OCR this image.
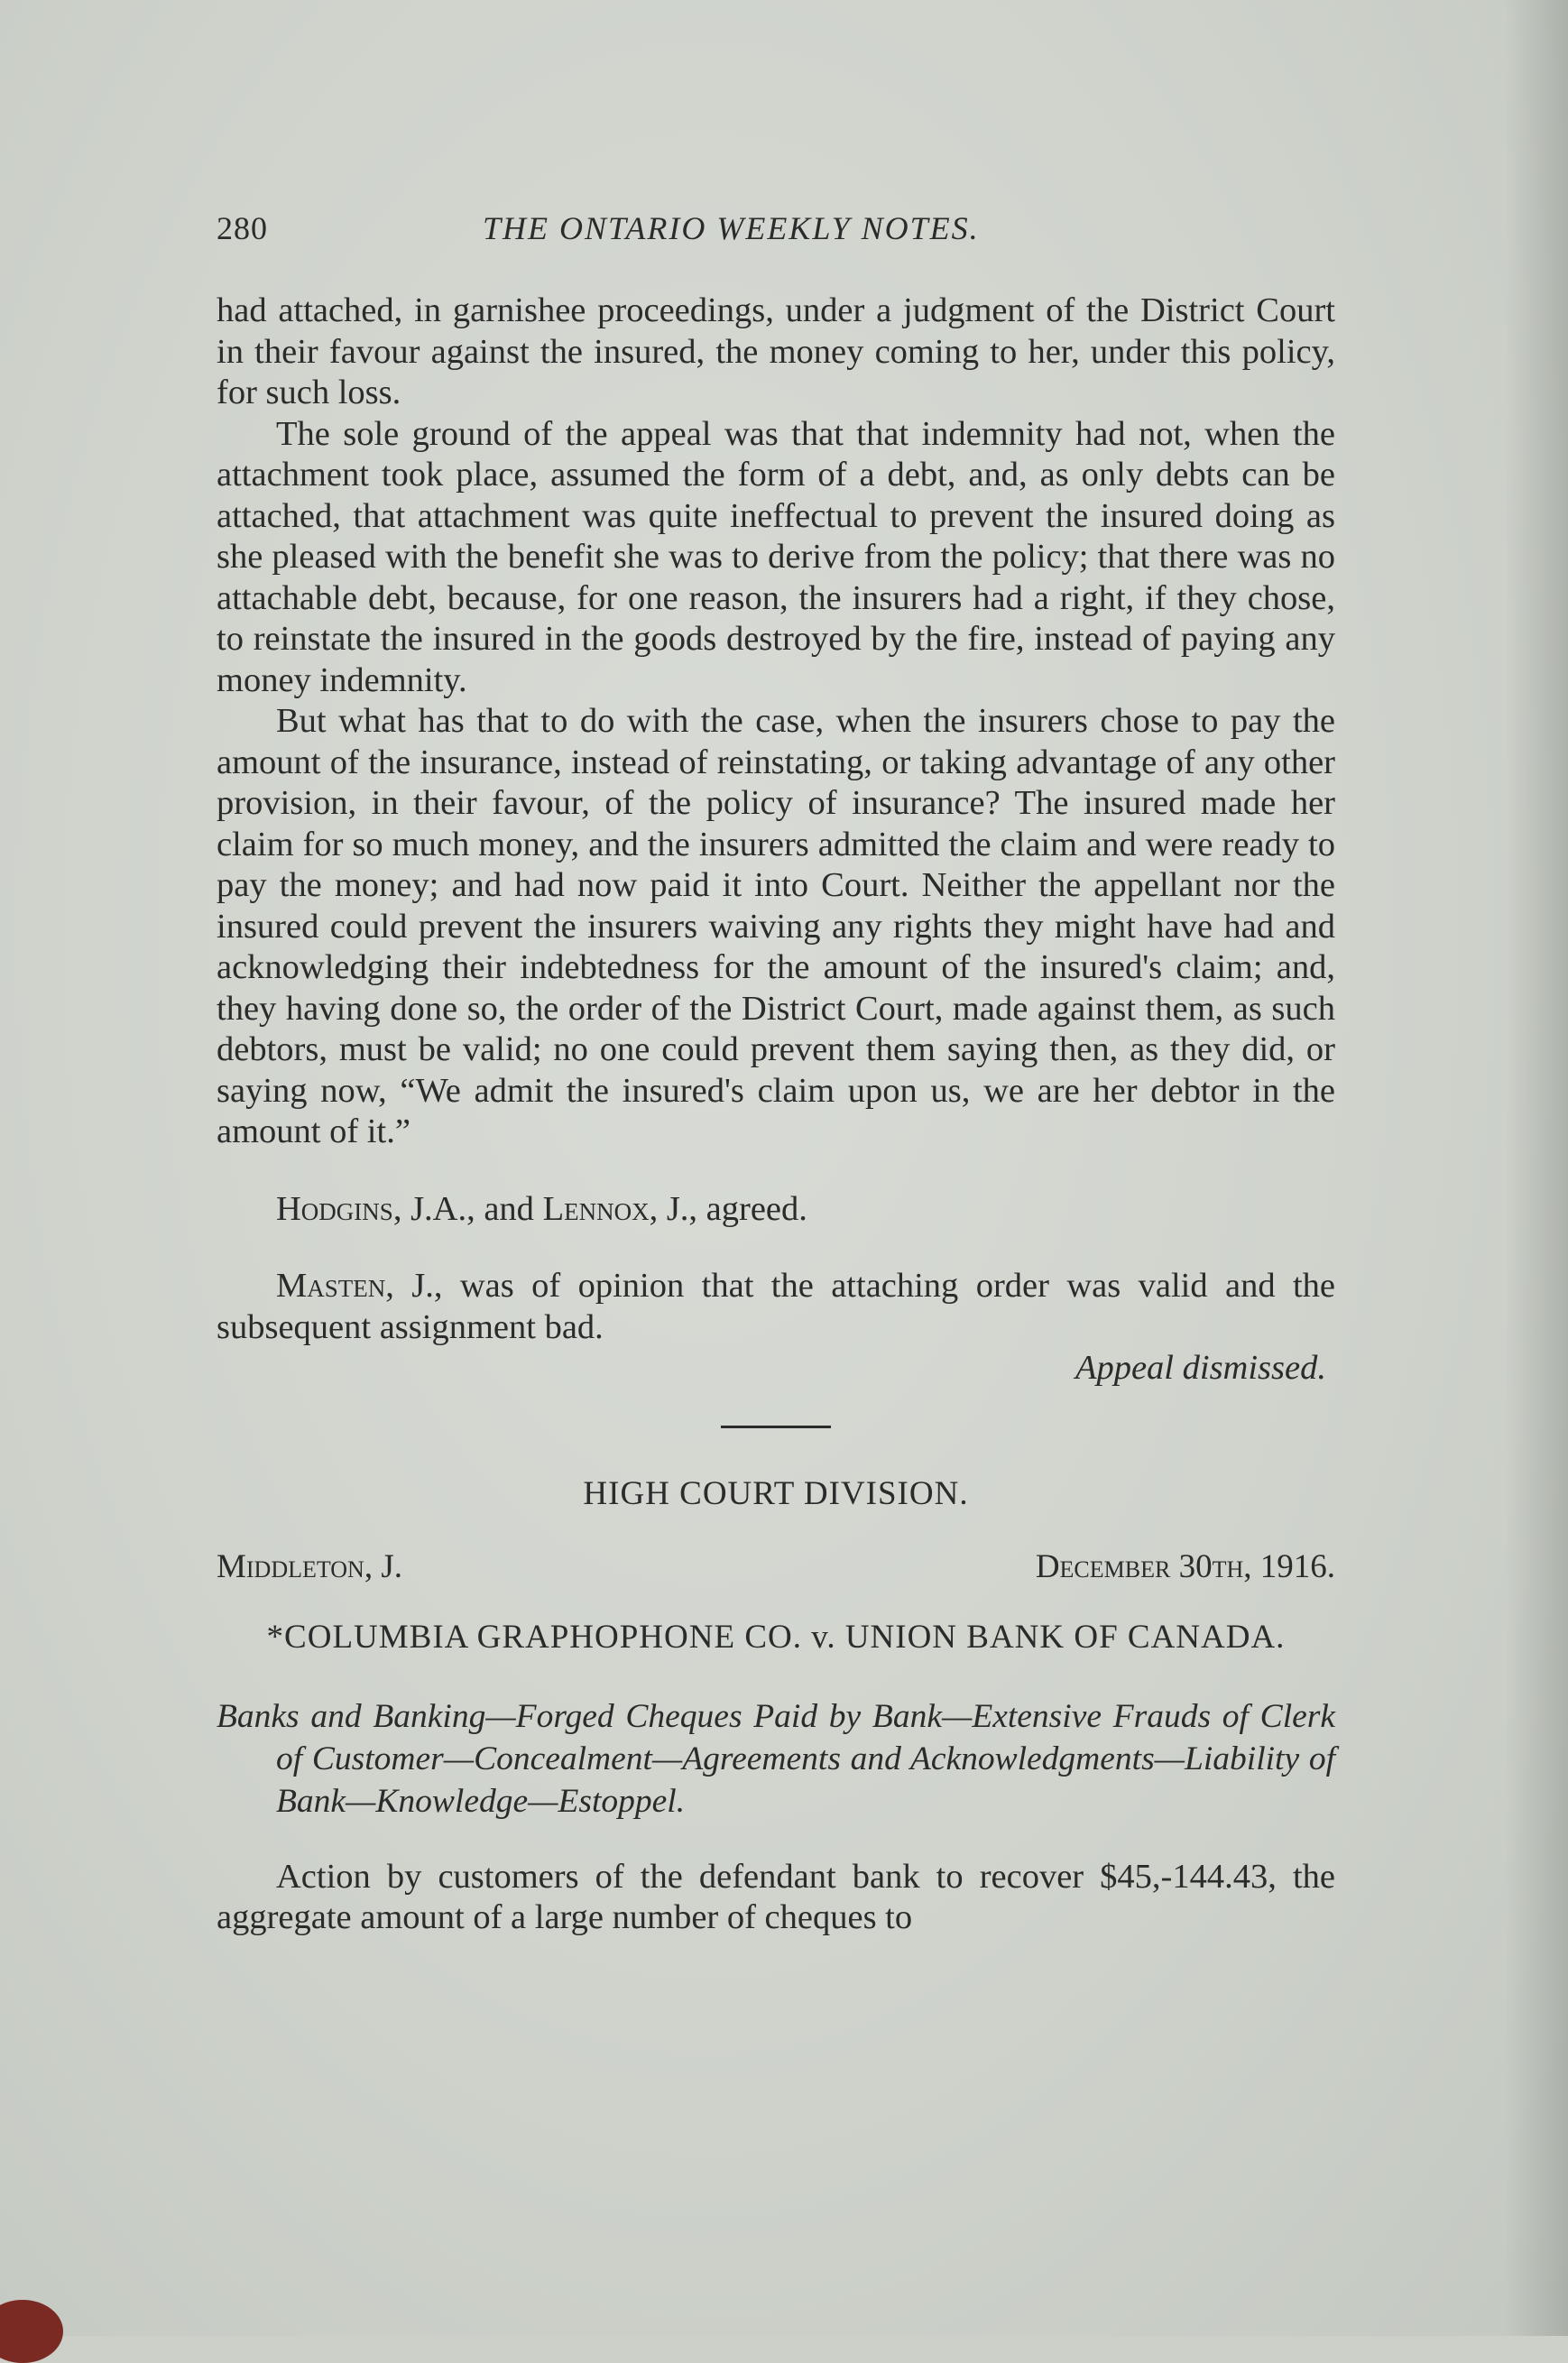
280	THE ONTARIO WEEKLY NOTES.

had attached, in garnishee proceedings, under a judgment of the District Court in their favour against the insured, the money coming to her, under this policy, for such loss.

The sole ground of the appeal was that that indemnity had not, when the attachment took place, assumed the form of a debt, and, as only debts can be attached, that attachment was quite ineffectual to prevent the insured doing as she pleased with the benefit she was to derive from the policy; that there was no attachable debt, because, for one reason, the insurers had a right, if they chose, to reinstate the insured in the goods destroyed by the fire, instead of paying any money indemnity.

But what has that to do with the case, when the insurers chose to pay the amount of the insurance, instead of reinstating, or taking advantage of any other provision, in their favour, of the policy of insurance? The insured made her claim for so much money, and the insurers admitted the claim and were ready to pay the money; and had now paid it into Court. Neither the appellant nor the insured could prevent the insurers waiving any rights they might have had and acknowledging their indebtedness for the amount of the insured's claim; and, they having done so, the order of the District Court, made against them, as such debtors, must be valid; no one could prevent them saying then, as they did, or saying now, “We admit the insured's claim upon us, we are her debtor in the amount of it.”

Hodgins, J.A., and Lennox, J., agreed.

Masten, J., was of opinion that the attaching order was valid and the subsequent assignment bad.

Appeal dismissed.

HIGH COURT DIVISION.
Middleton, J.	December 30th, 1916.
*COLUMBIA GRAPHOPHONE CO. v. UNION BANK OF CANADA.
Banks and Banking—Forged Cheques Paid by Bank—Extensive Frauds of Clerk of Customer—Concealment—Agreements and Acknowledgments—Liability of Bank—Knowledge—Estoppel.

Action by customers of the defendant bank to recover $45,-144.43, the aggregate amount of a large number of cheques to
